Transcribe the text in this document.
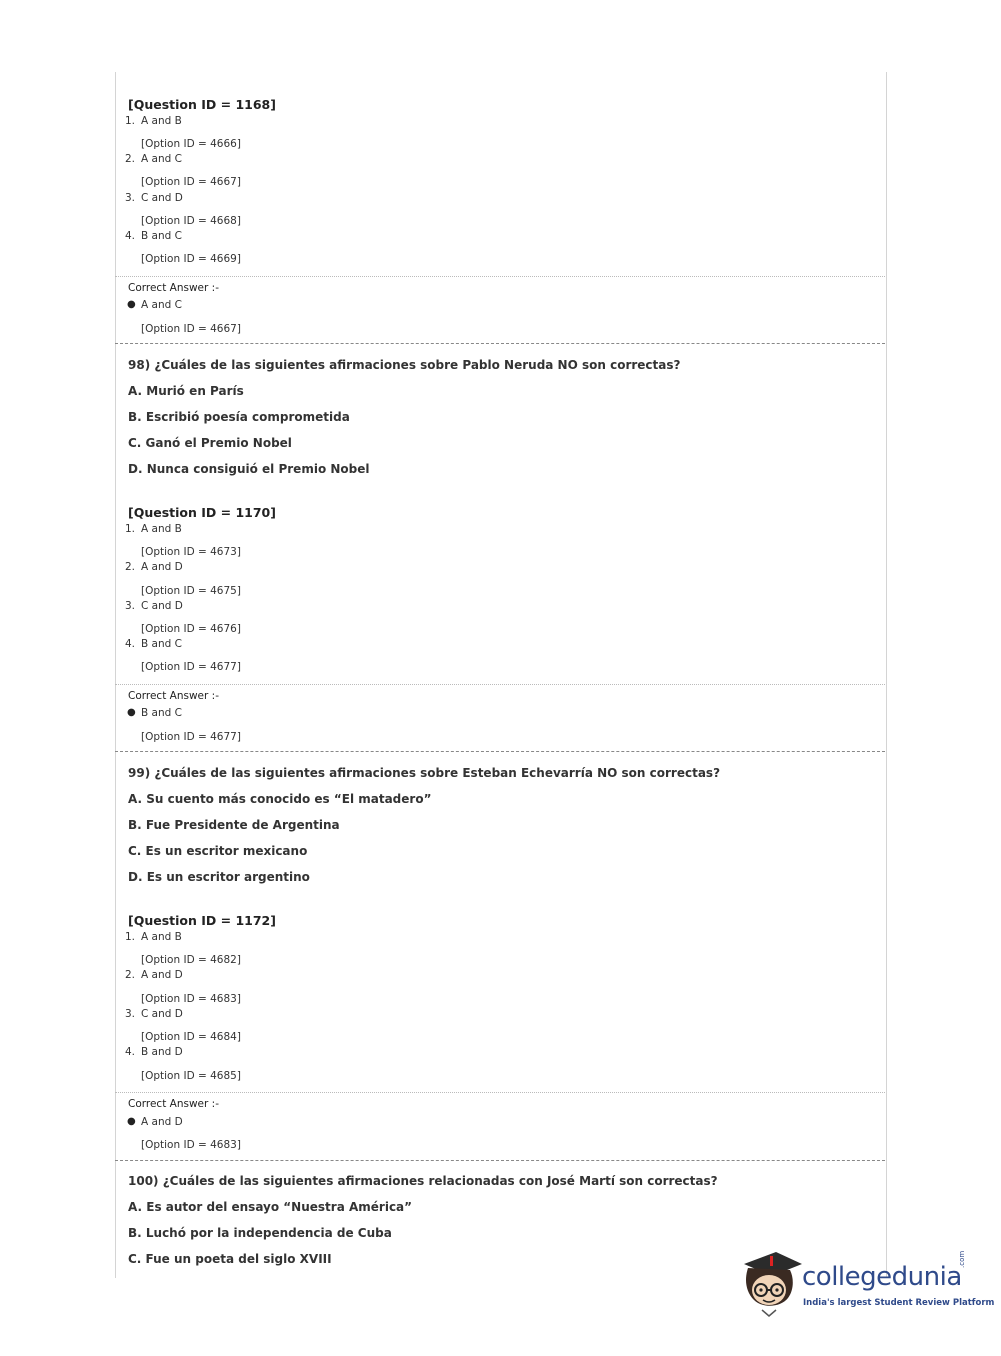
[Question ID = 1168]
1. A and B
[Option ID = 4666]
2. A and C
[Option ID = 4667]
3. C and D
[Option ID = 4668]
4. B and C
[Option ID = 4669]
Correct Answer :-
● A and C
[Option ID = 4667]
98) ¿Cuáles de las siguientes afirmaciones sobre Pablo Neruda NO son correctas?
A. Murió en París
B. Escribió poesía comprometida
C. Ganó el Premio Nobel
D. Nunca consiguió el Premio Nobel
[Question ID = 1170]
1. A and B
[Option ID = 4673]
2. A and D
[Option ID = 4675]
3. C and D
[Option ID = 4676]
4. B and C
[Option ID = 4677]
Correct Answer :-
● B and C
[Option ID = 4677]
99) ¿Cuáles de las siguientes afirmaciones sobre Esteban Echevarría NO son correctas?
A. Su cuento más conocido es “El matadero”
B. Fue Presidente de Argentina
C. Es un escritor mexicano
D. Es un escritor argentino
[Question ID = 1172]
1. A and B
[Option ID = 4682]
2. A and D
[Option ID = 4683]
3. C and D
[Option ID = 4684]
4. B and D
[Option ID = 4685]
Correct Answer :-
● A and D
[Option ID = 4683]
100) ¿Cuáles de las siguientes afirmaciones relacionadas con José Martí son correctas?
A. Es autor del ensayo “Nuestra América”
B. Luchó por la independencia de Cuba
C. Fue un poeta del siglo XVIII
collegedunia
.com
India's largest Student Review Platform
